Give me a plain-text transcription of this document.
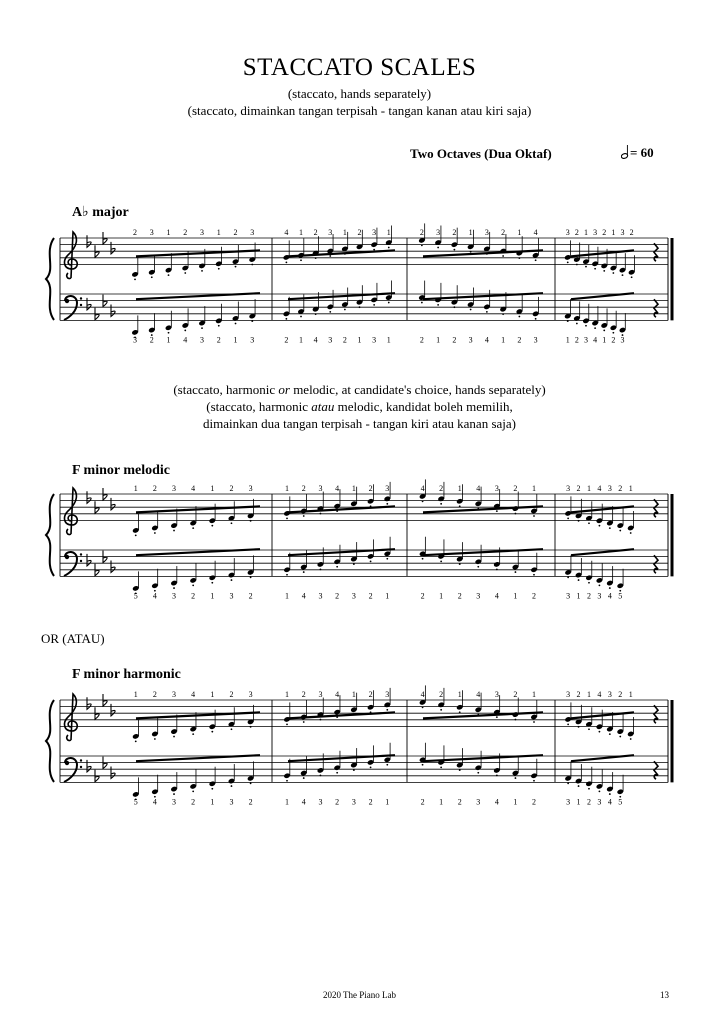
STACCATO SCALES
(staccato, hands separately)
(staccato, dimainkan tangan terpisah - tangan kanan atau kiri saja)
Two Octaves (Dua Oktaf)	= 60
A♭ major
F minor melodic
F minor harmonic
(staccato, harmonic or melodic, at candidate's choice, hands separately)
(staccato, harmonic atau melodic, kandidat boleh memilih,
dimainkan dua tangan terpisah - tangan kiri atau kanan saja)
OR (ATAU)
2 3 1 2 3 1 2 3	4 1 2 3 1 2 3 1	2 3 2 1 3 2 1 4	3 2 1 3 2 1 3 2
3 2 1 4 3 2 1 3	2 1 4 3 2 1 3 1	2 1 2 3 4 1 2 3	1 2 3 4 1 2 3
1 2 3 4 1 2 3	1 2 3 4 1 2 3	4 2 1 4 3 2 1	3 2 1 4 3 2 1
5 4 3 2 1 3 2	1 4 3 2 3 2 1	2 1 2 3 4 1 2	3 1 2 3 4 5
1 2 3 4 1 2 3	1 2 3 4 1 2 3	4 2 1 4 3 2 1	3 2 1 4 3 2 1
5 4 3 2 1 3 2	1 4 3 2 3 2 1	2 1 2 3 4 1 2	3 1 2 3 4 5
2020 The Piano Lab	13
